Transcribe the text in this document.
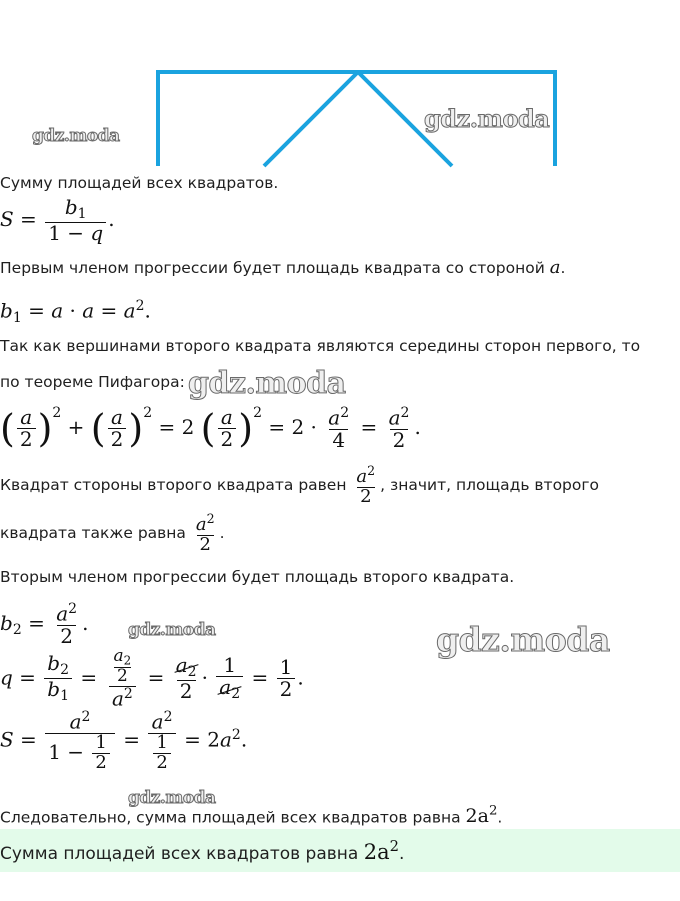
gdz.moda
gdz.moda
gdz.moda
gdz.moda	gdz.moda
gdz.moda
Сумму площадей всех квадратов.
$S = \frac{b_1}{1 - q}$ .
Первым членом прогрессии будет площадь квадрата со стороной a.
$b_1 = a \cdot a = a^2$.
Так как вершинами второго квадрата являются середины сторон первого, то
по теореме Пифагора:
( $\frac{a}{2} )^2$ + ( $\frac{a}{2} )^2 = 2$ ( $\frac{a}{2} )^2 = 2 \cdot \frac{a^2}{4} = \frac{a^2}{2}$ .
Квадрат стороны второго квадрата равен $\frac{a^2}{2}$ , значит, площадь второго
квадрата также равна $\frac{a^2}{2}$ .
Вторым членом прогрессии будет площадь второго квадрата.
$b_2 = \frac{a^2}{2}$ .
$q = \frac{b_2}{b_1} = \frac{\frac{a_2}{2}}{a^2} = \frac{a_2}{2} \cdot \frac{1}{a_2} = \frac{1}{2}$ .
$S = \frac{a^2}{1 - \frac{1}{2}} = \frac{a^2}{\frac{1}{2}} = 2a^2$.
Следовательно, сумма площадей всех квадратов равна $2a^2$.
Сумма площадей всех квадратов равна $2a^2$.
